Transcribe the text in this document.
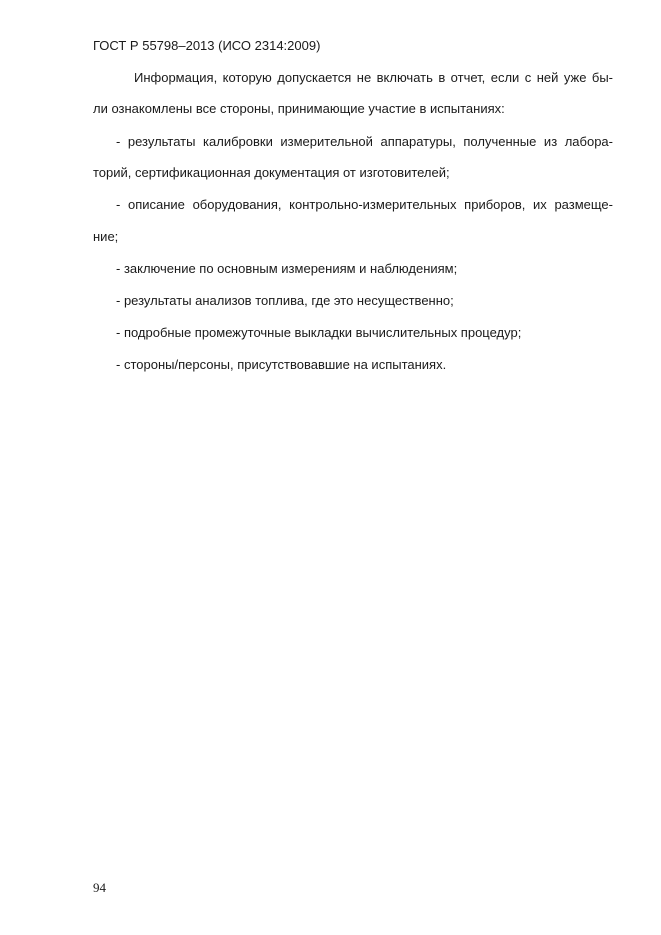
ГОСТ Р 55798–2013 (ИСО 2314:2009)
Информация, которую допускается не включать в отчет, если с ней уже бы-
ли ознакомлены все стороны, принимающие участие в испытаниях:
- результаты калибровки измерительной аппаратуры, полученные из лабора-
торий, сертификационная документация от изготовителей;
- описание оборудования, контрольно-измерительных приборов, их размеще-
ние;
- заключение по основным измерениям и наблюдениям;
- результаты анализов топлива, где это несущественно;
- подробные промежуточные выкладки вычислительных процедур;
- стороны/персоны, присутствовавшие на испытаниях.
94
